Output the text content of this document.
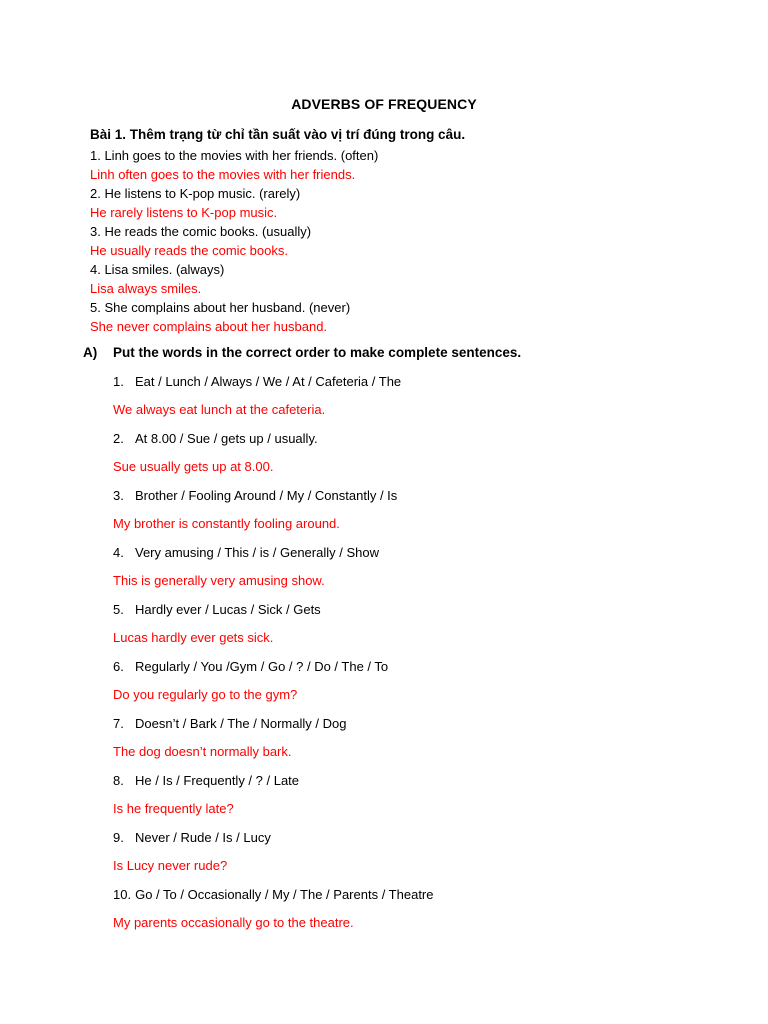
ADVERBS OF FREQUENCY
Bài 1. Thêm trạng từ chỉ tần suất vào vị trí đúng trong câu.
1. Linh goes to the movies with her friends. (often)
Linh often goes to the movies with her friends.
2. He listens to K-pop music. (rarely)
He rarely listens to K-pop music.
3. He reads the comic books. (usually)
He usually reads the comic books.
4. Lisa smiles. (always)
Lisa always smiles.
5. She complains about her husband. (never)
She never complains about her husband.
A) Put the words in the correct order to make complete sentences.
1. Eat / Lunch / Always / We / At / Cafeteria / The
We always eat lunch at the cafeteria.
2. At 8.00 / Sue / gets up / usually.
Sue usually gets up at 8.00.
3. Brother / Fooling Around / My / Constantly / Is
My brother is constantly fooling around.
4. Very amusing / This / is / Generally / Show
This is generally very amusing show.
5. Hardly ever / Lucas / Sick / Gets
Lucas hardly ever gets sick.
6. Regularly / You /Gym / Go / ? / Do / The / To
Do you regularly go to the gym?
7. Doesn’t / Bark / The / Normally / Dog
The dog doesn’t normally bark.
8. He / Is / Frequently / ? / Late
Is he frequently late?
9. Never / Rude / Is / Lucy
Is Lucy never rude?
10. Go / To / Occasionally / My / The / Parents / Theatre
My parents occasionally go to the theatre.
